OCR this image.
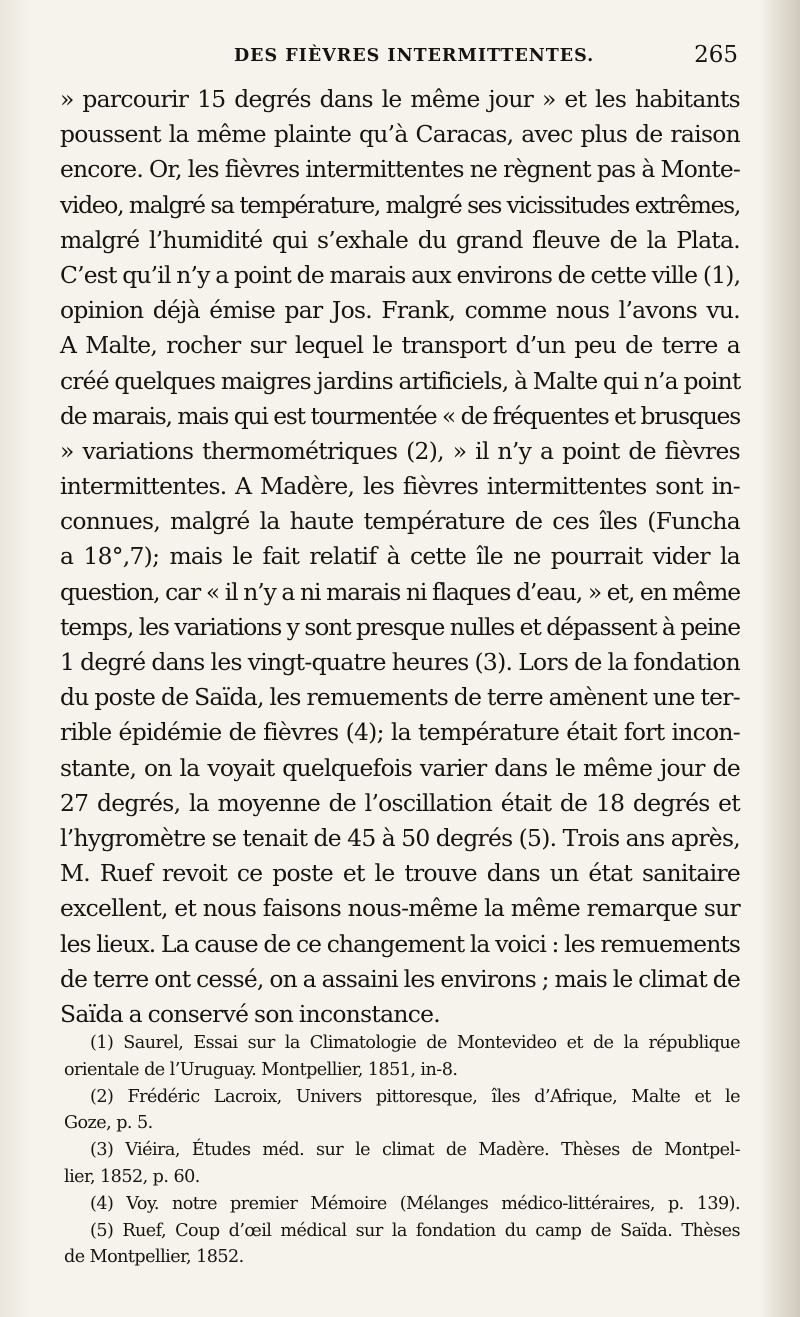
DES FIÈVRES INTERMITTENTES.	265
» parcourir 15 degrés dans le même jour » et les habitants
poussent la même plainte qu’à Caracas, avec plus de raison
encore. Or, les fièvres intermittentes ne règnent pas à Monte-
video, malgré sa température, malgré ses vicissitudes extrêmes,
malgré l’humidité qui s’exhale du grand fleuve de la Plata.
C’est qu’il n’y a point de marais aux environs de cette ville (1),
opinion déjà émise par Jos. Frank, comme nous l’avons vu.
A Malte, rocher sur lequel le transport d’un peu de terre a
créé quelques maigres jardins artificiels, à Malte qui n’a point
de marais, mais qui est tourmentée « de fréquentes et brusques
» variations thermométriques (2), » il n’y a point de fièvres
intermittentes. A Madère, les fièvres intermittentes sont in-
connues, malgré la haute température de ces îles (Funcha
a 18°,7); mais le fait relatif à cette île ne pourrait vider la
question, car « il n’y a ni marais ni flaques d’eau, » et, en même
temps, les variations y sont presque nulles et dépassent à peine
1 degré dans les vingt-quatre heures (3). Lors de la fondation
du poste de Saïda, les remuements de terre amènent une ter-
rible épidémie de fièvres (4); la température était fort incon-
stante, on la voyait quelquefois varier dans le même jour de
27 degrés, la moyenne de l’oscillation était de 18 degrés et
l’hygromètre se tenait de 45 à 50 degrés (5). Trois ans après,
M. Ruef revoit ce poste et le trouve dans un état sanitaire
excellent, et nous faisons nous-même la même remarque sur
les lieux. La cause de ce changement la voici : les remuements
de terre ont cessé, on a assaini les environs ; mais le climat de
Saïda a conservé son inconstance.
(1) Saurel, Essai sur la Climatologie de Montevideo et de la république
orientale de l’Uruguay. Montpellier, 1851, in-8.
(2) Frédéric Lacroix, Univers pittoresque, îles d’Afrique, Malte et le
Goze, p. 5.
(3) Viéira, Études méd. sur le climat de Madère. Thèses de Montpel-
lier, 1852, p. 60.
(4) Voy. notre premier Mémoire (Mélanges médico-littéraires, p. 139).
(5) Ruef, Coup d’œil médical sur la fondation du camp de Saïda. Thèses
de Montpellier, 1852.
